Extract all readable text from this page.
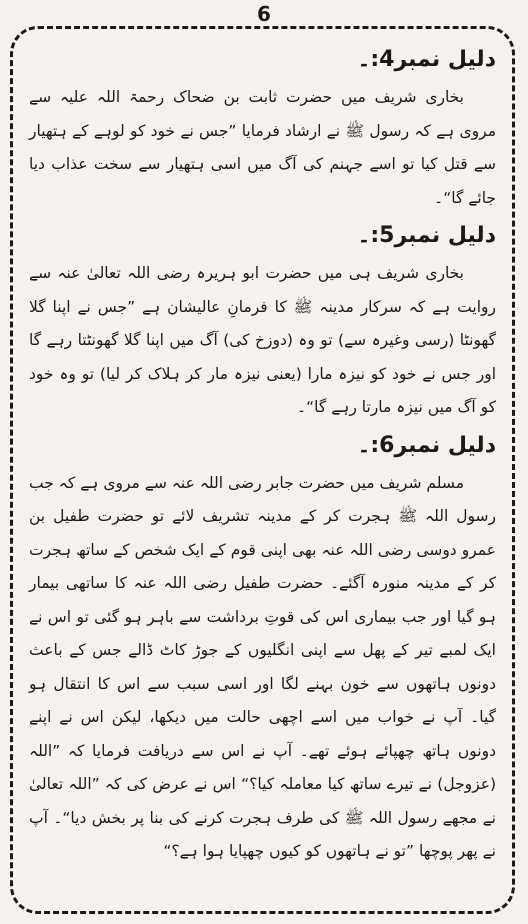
6
دلیل نمبر4:۔

بخاری شریف میں حضرت ثابت بن ضحاک رحمۃ اللہ علیہ سے مروی ہے کہ رسول ﷺ نے ارشاد فرمایا ”جس نے خود کو لوہے کے ہتھیار سے قتل کیا تو اسے جہنم کی آگ میں اسی ہتھیار سے سخت عذاب دیا جائے گا“۔

دلیل نمبر5:۔

بخاری شریف ہی میں حضرت ابو ہریرہ رضی اللہ تعالیٰ عنہ سے روایت ہے کہ سرکار مدینہ ﷺ کا فرمانِ عالیشان ہے ”جس نے اپنا گلا گھونٹا (رسی وغیرہ سے) تو وہ (دوزخ کی) آگ میں اپنا گلا گھونٹتا رہے گا اور جس نے خود کو نیزہ مارا (یعنی نیزہ مار کر ہلاک کر لیا) تو وہ خود کو آگ میں نیزہ مارتا رہے گا“۔

دلیل نمبر6:۔

مسلم شریف میں حضرت جابر رضی اللہ عنہ سے مروی ہے کہ جب رسول اللہ ﷺ ہجرت کر کے مدینہ تشریف لائے تو حضرت طفیل بن عمرو دوسی رضی اللہ عنہ بھی اپنی قوم کے ایک شخص کے ساتھ ہجرت کر کے مدینہ منورہ آگئے۔ حضرت طفیل رضی اللہ عنہ کا ساتھی بیمار ہو گیا اور جب بیماری اس کی قوتِ برداشت سے باہر ہو گئی تو اس نے ایک لمبے تیر کے پھل سے اپنی انگلیوں کے جوڑ کاٹ ڈالے جس کے باعث دونوں ہاتھوں سے خون بہنے لگا اور اسی سبب سے اس کا انتقال ہو گیا۔ آپ نے خواب میں اسے اچھی حالت میں دیکھا، لیکن اس نے اپنے دونوں ہاتھ چھپائے ہوئے تھے۔ آپ نے اس سے دریافت فرمایا کہ ”اللہ (عزوجل) نے تیرے ساتھ کیا معاملہ کیا؟“ اس نے عرض کی کہ ”اللہ تعالیٰ نے مجھے رسول اللہ ﷺ کی طرف ہجرت کرنے کی بنا پر بخش دیا“۔ آپ نے پھر پوچھا ”تو نے ہاتھوں کو کیوں چھپایا ہوا ہے؟“
